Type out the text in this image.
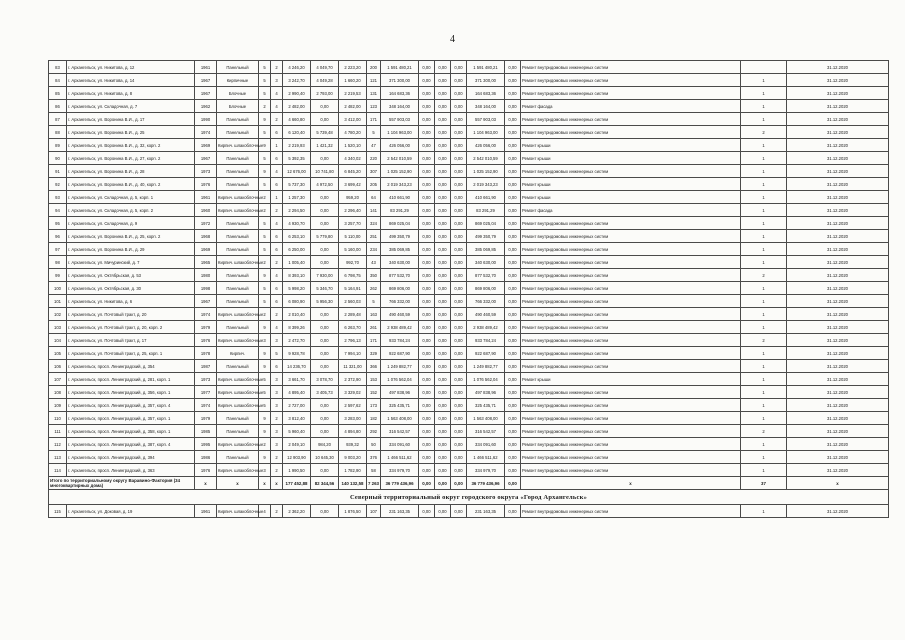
4
83	г. Архангельск, ул. Никитова, д. 12	1961	Панельный	5	2	4 246,20	4 049,70	2 223,20	200	1 591 480,21	0,00	0,00	0,00	1 591 480,21	0,00	Ремонт внутридомовых инженерных систем		31.12.2020
84	г. Архангельск, ул. Никитова, д. 14	1967	Кирпичные	5	3	3 242,70	4 049,28	1 660,20	121	371 300,00	0,00	0,00	0,00	371 300,00	0,00	Ремонт внутридомовых инженерных систем	1	31.12.2020
85	г. Архангельск, ул. Никитова, д. 8	1967	Блочные	5	4	2 990,40	2 793,00	2 219,53	131	164 683,36	0,00	0,00	0,00	164 683,36	0,00	Ремонт внутридомовых инженерных систем	1	31.12.2020
86	г. Архангельск, ул. Складочная, д. 7	1962	Блочные	2	4	2 482,00	0,00	2 482,00	123	348 164,00	0,00	0,00	0,00	348 164,00	0,00	Ремонт фасада	1	31.12.2020
87	г. Архангельск, ул. Воронина В.И., д. 17	1990	Панельный	9	2	4 660,80	0,00	3 412,00	171	557 903,03	0,00	0,00	0,00	557 903,03	0,00	Ремонт внутридомовых инженерных систем	1	31.12.2020
88	г. Архангельск, ул. Воронина В.И., д. 25	1974	Панельный	5	6	6 120,40	5 739,48	4 780,20	5	1 104 963,00	0,00	0,00	0,00	1 104 963,00	0,00	Ремонт внутридомовых инженерных систем	2	31.12.2020
89	г. Архангельск, ул. Воронина В.И., д. 32, корп. 2	1969	Кирпич. шлакоблочные	9	1	2 219,93	1 421,32	1 520,10	47	426 056,00	0,00	0,00	0,00	426 056,00	0,00	Ремонт крыши	1	31.12.2020
90	г. Архангельск, ул. Воронина В.И., д. 27, корп. 2	1967	Панельный	5	6	5 392,35	0,00	4 340,02	220	2 542 010,59	0,00	0,00	0,00	2 542 010,59	0,00	Ремонт крыши	1	31.12.2020
91	г. Архангельск, ул. Воронина В.И., д. 28	1973	Панельный	9	4	12 676,00	10 741,80	6 845,20	307	1 025 152,90	0,00	0,00	0,00	1 025 152,90	0,00	Ремонт внутридомовых инженерных систем	1	31.12.2020
92	г. Архангельск, ул. Воронина В.И., д. 40, корп. 2	1976	Панельный	5	6	5 737,30	4 972,50	3 699,42	205	2 019 343,23	0,00	0,00	0,00	2 019 343,23	0,00	Ремонт крыши	1	31.12.2020
93	г. Архангельск, ул. Складочная, д. 5, корп. 1	1961	Кирпич. шлакоблочные	2	1	1 257,30	0,00	959,20	64	410 661,90	0,00	0,00	0,00	410 661,90	0,00	Ремонт крыши	1	31.12.2020
94	г. Архангельск, ул. Складочная, д. 5, корп. 2	1960	Кирпич. шлакоблочные	2	2	2 294,50	0,00	2 296,40	141	83 291,29	0,00	0,00	0,00	83 291,29	0,00	Ремонт фасада	1	31.12.2020
95	г. Архангельск, ул. Складочная, д. 9	1972	Панельный	5	4	4 930,70	0,00	3 257,70	324	869 025,04	0,00	0,00	0,00	869 025,04	0,00	Ремонт внутридомовых инженерных систем	1	31.12.2020
96	г. Архангельск, ул. Воронина В.И., д. 25, корп. 2	1968	Панельный	5	6	6 253,10	5 779,80	5 110,00	251	499 350,79	0,00	0,00	0,00	499 350,79	0,00	Ремонт внутридомовых инженерных систем	1	31.12.2020
97	г. Архангельск, ул. Воронина В.И., д. 29	1969	Панельный	5	6	6 250,00	0,00	5 160,00	234	385 069,85	0,00	0,00	0,00	385 069,85	0,00	Ремонт внутридомовых инженерных систем	1	31.12.2020
98	г. Архангельск, ул. Мичуринский, д. 7	1965	Кирпич. шлакоблочные	2	2	1 005,40	0,00	992,70	43	340 630,00	0,00	0,00	0,00	340 630,00	0,00	Ремонт внутридомовых инженерных систем	1	31.12.2020
99	г. Архангельск, ул. Октябрьская, д. 53	1980	Панельный	9	4	8 393,10	7 930,00	6 798,75	350	877 532,70	0,00	0,00	0,00	877 532,70	0,00	Ремонт внутридомовых инженерных систем	2	31.12.2020
100	г. Архангельск, ул. Октябрьская, д. 30	1998	Панельный	5	6	5 998,20	5 346,70	5 164,91	262	869 806,00	0,00	0,00	0,00	869 806,00	0,00	Ремонт внутридомовых инженерных систем	1	31.12.2020
101	г. Архангельск, ул. Никитова, д. 6	1967	Панельный	5	6	6 080,90	5 956,30	2 560,03	5	766 332,00	0,00	0,00	0,00	766 332,00	0,00	Ремонт внутридомовых инженерных систем	1	31.12.2020
102	г. Архангельск, ул. Почтовый тракт, д. 20	1974	Кирпич. шлакоблочные	2	2	2 010,40	0,00	2 289,48	163	490 460,59	0,00	0,00	0,00	490 460,59	0,00	Ремонт внутридомовых инженерных систем	1	31.12.2020
103	г. Архангельск, ул. Почтовый тракт, д. 20, корп. 2	1979	Панельный	9	4	8 399,26	0,00	6 263,70	261	2 938 489,42	0,00	0,00	0,00	2 938 489,42	0,00	Ремонт внутридомовых инженерных систем	1	31.12.2020
104	г. Архангельск, ул. Почтовый тракт, д. 17	1976	Кирпич. шлакоблочные	3	3	2 472,70	0,00	2 796,13	171	933 784,24	0,00	0,00	0,00	933 784,24	0,00	Ремонт внутридомовых инженерных систем	2	31.12.2020
105	г. Архангельск, ул. Почтовый тракт, д. 25, корп. 1	1978	Кирпич.	9	5	9 928,78	0,00	7 994,10	329	922 687,90	0,00	0,00	0,00	922 687,90	0,00	Ремонт внутридомовых инженерных систем	1	31.12.2020
106	г. Архангельск, просп. Ленинградский, д. 354	1987	Панельный	9	6	14 236,70	0,00	11 321,00	366	1 249 882,77	0,00	0,00	0,00	1 249 882,77	0,00	Ремонт внутридомовых инженерных систем	1	31.12.2020
107	г. Архангельск, просп. Ленинградский, д. 281, корп. 1	1973	Кирпич. шлакоблочные	5	3	3 661,70	3 078,70	2 372,90	153	1 076 562,04	0,00	0,00	0,00	1 076 562,04	0,00	Ремонт крыши	1	31.12.2020
108	г. Архангельск, просп. Ленинградский, д. 356, корп. 1	1977	Кирпич. шлакоблочные	5	3	4 895,40	3 405,73	3 329,02	152	497 838,96	0,00	0,00	0,00	497 838,96	0,00	Ремонт внутридомовых инженерных систем	1	31.12.2020
109	г. Архангельск, просп. Ленинградский, д. 357, корп. 4	1974	Кирпич. шлакоблочные	5	3	2 727,00	0,00	2 597,62	173	325 435,71	0,00	0,00	0,00	325 435,71	0,00	Ремонт внутридомовых инженерных систем	1	31.12.2020
110	г. Архангельск, просп. Ленинградский, д. 357, корп. 1	1979	Панельный	9	2	3 812,40	0,00	3 283,00	182	1 563 408,00	0,00	0,00	0,00	1 563 408,00	0,00	Ремонт внутридомовых инженерных систем	1	31.12.2020
111	г. Архангельск, просп. Ленинградский, д. 358, корп. 1	1985	Панельный	9	3	5 960,40	0,00	4 894,80	292	316 542,57	0,00	0,00	0,00	316 542,57	0,00	Ремонт внутридомовых инженерных систем	2	31.12.2020
112	г. Архангельск, просп. Ленинградский, д. 387, корп. 4	1995	Кирпич. шлакоблочные	2	3	2 049,10	984,20	939,32	50	334 091,60	0,00	0,00	0,00	334 091,60	0,00	Ремонт внутридомовых инженерных систем	1	31.12.2020
113	г. Архангельск, просп. Ленинградский, д. 394	1986	Панельный	9	2	12 903,90	10 645,30	9 003,20	376	1 466 511,62	0,00	0,00	0,00	1 466 511,62	0,00	Ремонт внутридомовых инженерных систем	1	31.12.2020
114	г. Архангельск, просп. Ленинградский, д. 363	1976	Кирпич. шлакоблочные	3	2	1 990,50	0,00	1 782,90	58	334 979,70	0,00	0,00	0,00	334 979,70	0,00	Ремонт внутридомовых инженерных систем	1	31.12.2020
Итого по территориальному округу Варавино-Фактория (34 многоквартирных дома)		x	x	x	x	177 452,88	82 344,56	140 132,58	7 263	36 779 436,96	0,00	0,00	0,00	36 779 436,96	0,00	x	37	x
Северный территориальный округ городского округа «Город Архангельск»																		
115	г. Архангельск, ул. Доковая, д. 19	1961	Кирпич. шлакоблочные	4	2	2 362,20	0,00	1 876,50	107	231 163,35	0,00	0,00	0,00	231 163,35	0,00	Ремонт внутридомовых инженерных систем	1	31.12.2020
